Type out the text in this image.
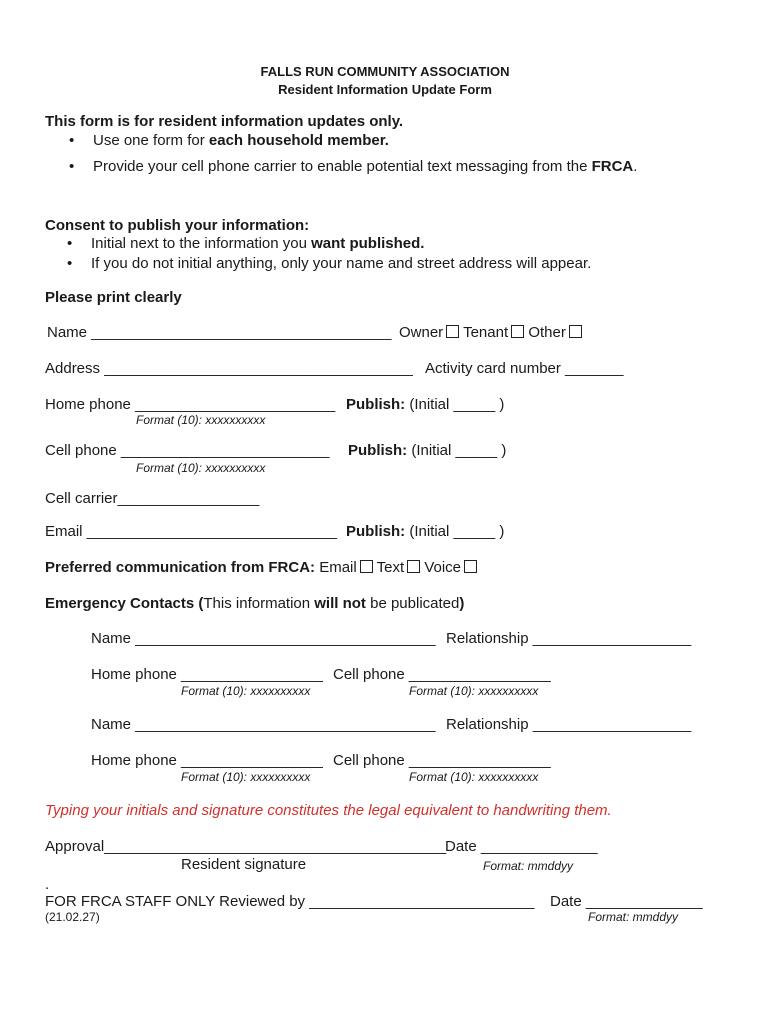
FALLS RUN COMMUNITY ASSOCIATION
Resident Information Update Form
This form is for resident information updates only.
• Use one form for each household member.
• Provide your cell phone carrier to enable potential text messaging from the FRCA.
Consent to publish your information:
• Initial next to the information you want published.
• If you do not initial anything, only your name and street address will appear.
Please print clearly
Name ____________________________________ Owner Tenant Other
Address _____________________________________ Activity card number _______
Home phone ________________________ Publish: (Initial _____ )
Format (10): xxxxxxxxxx
Cell phone _________________________ Publish: (Initial _____ )
Format (10): xxxxxxxxxx
Cell carrier_________________
Email ______________________________ Publish: (Initial _____ )
Preferred communication from FRCA: Email Text Voice
Emergency Contacts (This information will not be publicated)
Name ____________________________________ Relationship ___________________
Home phone _________________ Cell phone _________________
Format (10): xxxxxxxxxx	Format (10): xxxxxxxxxx
Name ____________________________________ Relationship ___________________
Home phone _________________ Cell phone _________________
Format (10): xxxxxxxxxx	Format (10): xxxxxxxxxx
Typing your initials and signature constitutes the legal equivalent to handwriting them.
Approval_________________________________________
Date ______________
Resident signature	Format: mmddyy
.
FOR FRCA STAFF ONLY Reviewed by ___________________________ Date ______________
(21.02.27)	Format: mmddyy
